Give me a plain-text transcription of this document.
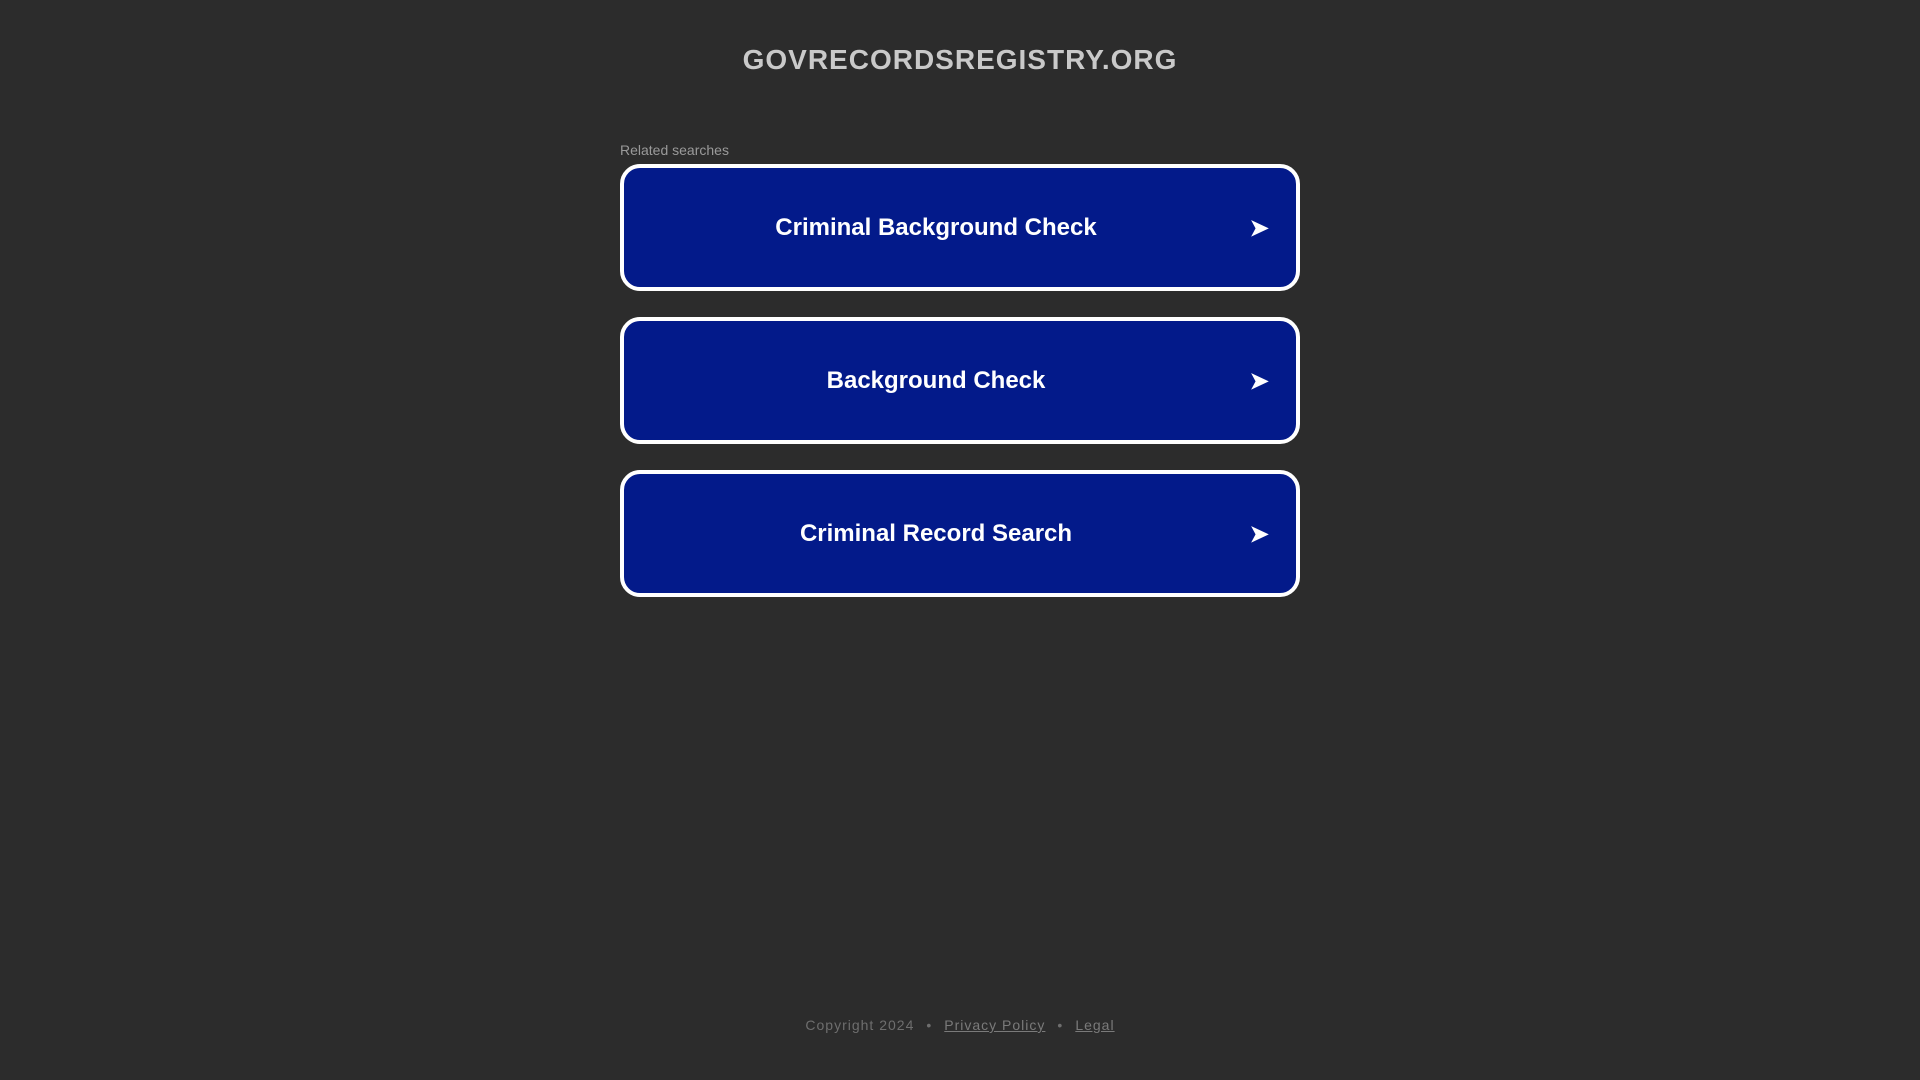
GOVRECORDSREGISTRY.ORG
Related searches
Criminal Background Check	➤
Background Check	➤
Criminal Record Search	➤
Copyright 2024 • Privacy Policy • Legal
